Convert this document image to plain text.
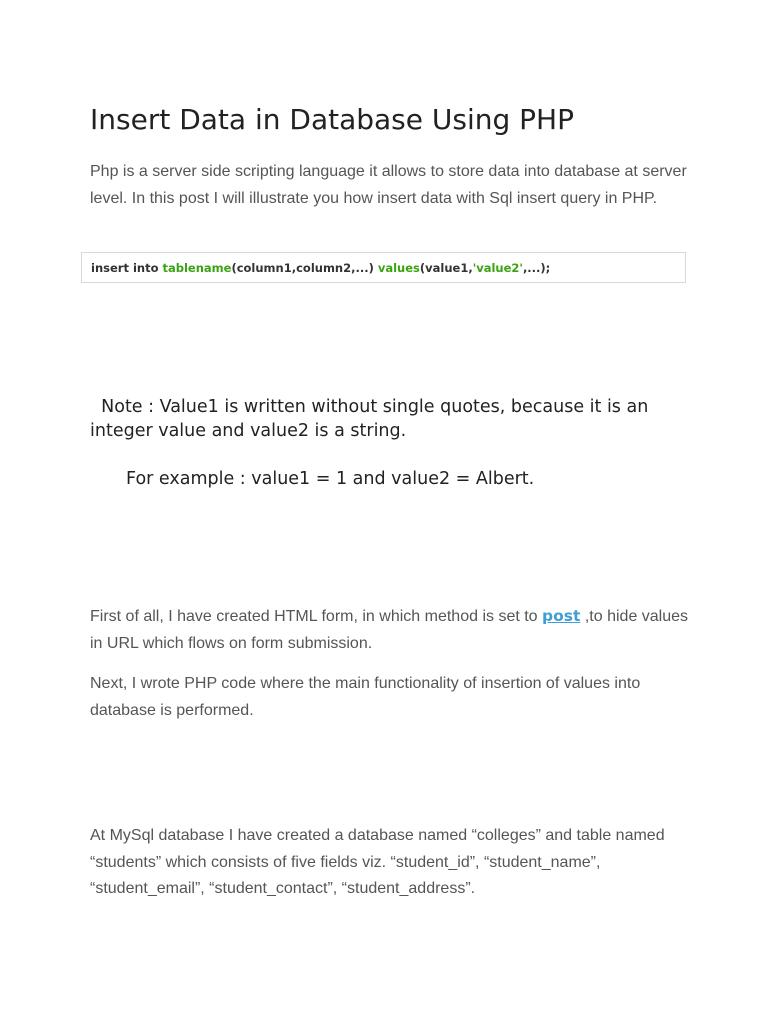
Insert Data in Database Using PHP

Php is a server side scripting language it allows to store data into database at server level. In this post I will illustrate you how insert data with Sql insert query in PHP.

insert into tablename(column1,column2,...) values(value1,'value2',...);

Note : Value1 is written without single quotes, because it is an integer value and value2 is a string.

For example : value1 = 1 and value2 = Albert.

First of all, I have created HTML form, in which method is set to post ,to hide values in URL which flows on form submission.

Next, I wrote PHP code where the main functionality of insertion of values into database is performed.

At MySql database I have created a database named “colleges” and table named “students” which consists of five fields viz. “student_id”, “student_name”, “student_email”, “student_contact”, “student_address”.
